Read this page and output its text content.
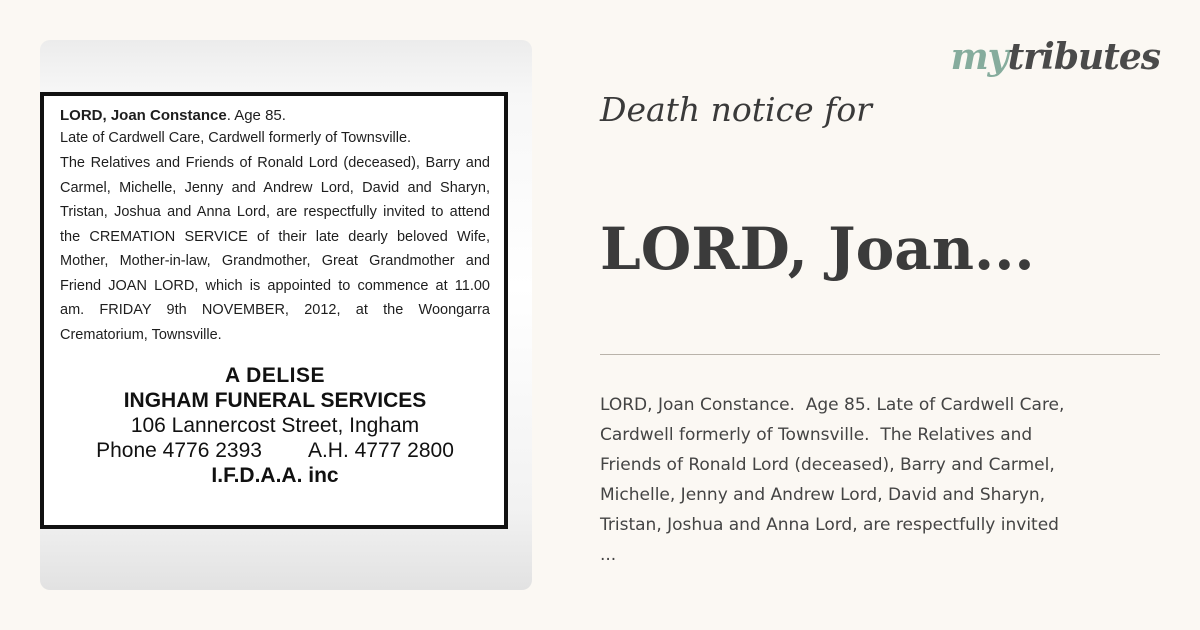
LORD, Joan Constance. Age 85.

Late of Cardwell Care, Cardwell formerly of Townsville.

The Relatives and Friends of Ronald Lord (deceased), Barry and Carmel, Michelle, Jenny and Andrew Lord, David and Sharyn, Tristan, Joshua and Anna Lord, are respectfully invited to attend the CREMATION SERVICE of their late dearly beloved Wife, Mother, Mother-in-law, Grandmother, Great Grandmother and Friend JOAN LORD, which is appointed to commence at 11.00 am. FRIDAY 9th NOVEMBER, 2012, at the Woongarra Crematorium, Townsville.

A DELISE
INGHAM FUNERAL SERVICES
106 Lannercost Street, Ingham
Phone 4776 2393 A.H. 4777 2800
I.F.D.A.A. inc
mytributes
Death notice for
LORD, Joan...

LORD, Joan Constance.  Age 85. Late of Cardwell Care,

Cardwell formerly of Townsville.  The Relatives and

Friends of Ronald Lord (deceased), Barry and Carmel,

Michelle, Jenny and Andrew Lord, David and Sharyn,

Tristan, Joshua and Anna Lord, are respectfully invited

...
